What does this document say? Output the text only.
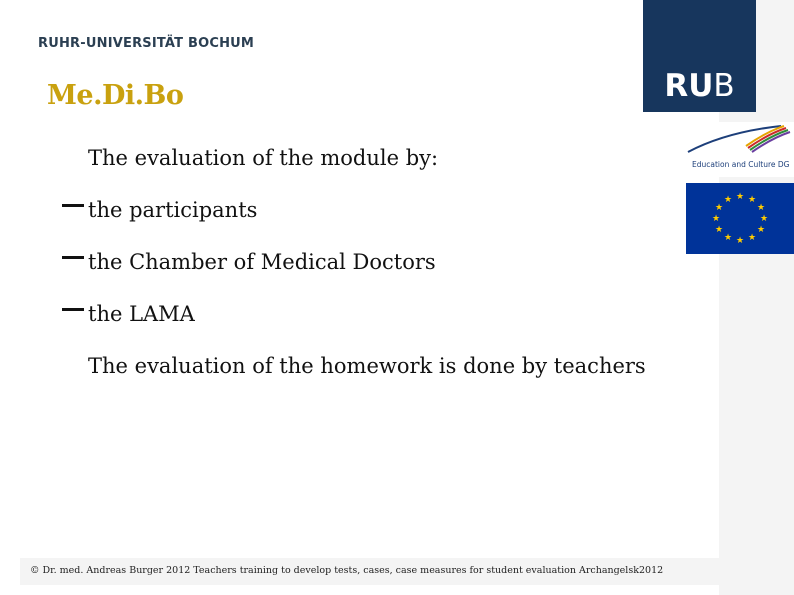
RUHR-UNIVERSITÄT BOCHUM
RU B
Education and Culture DG
★ ★
★
★
★
★
★
★
★
★
★
★
Me.Di.Bo
The evaluation of the module by:
the participants
the Chamber of Medical Doctors
the LAMA
The evaluation of the homework is done by teachers
© Dr. med. Andreas Burger 2012 Teachers training to develop tests, cases, case measures for student evaluation Archangelsk2012
